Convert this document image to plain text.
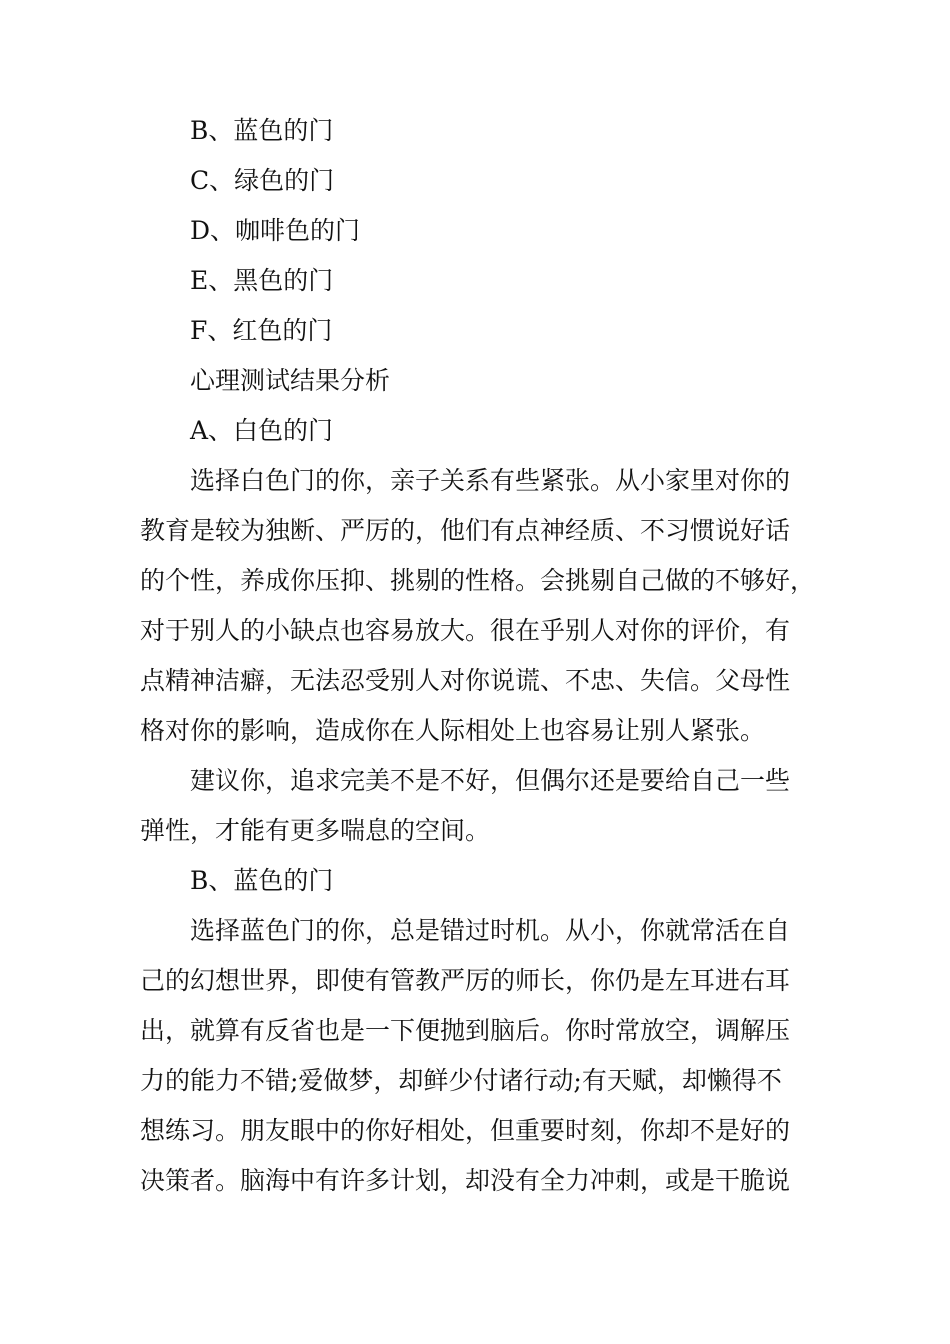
B、蓝色的门

C、绿色的门

D、咖啡色的门

E、黑色的门

F、红色的门

心理测试结果分析

A、白色的门

选择白色门的你，亲子关系有些紧张。从小家里对你的

教育是较为独断、严厉的，他们有点神经质、不习惯说好话

的个性，养成你压抑、挑剔的性格。会挑剔自己做的不够好，

对于别人的小缺点也容易放大。很在乎别人对你的评价，有

点精神洁癖，无法忍受别人对你说谎、不忠、失信。父母性

格对你的影响，造成你在人际相处上也容易让别人紧张。

建议你，追求完美不是不好，但偶尔还是要给自己一些

弹性，才能有更多喘息的空间。

B、蓝色的门

选择蓝色门的你，总是错过时机。从小，你就常活在自

己的幻想世界，即使有管教严厉的师长，你仍是左耳进右耳

出，就算有反省也是一下便抛到脑后。你时常放空，调解压

力的能力不错;爱做梦，却鲜少付诸行动;有天赋，却懒得不

想练习。朋友眼中的你好相处，但重要时刻，你却不是好的

决策者。脑海中有许多计划，却没有全力冲刺，或是干脆说
